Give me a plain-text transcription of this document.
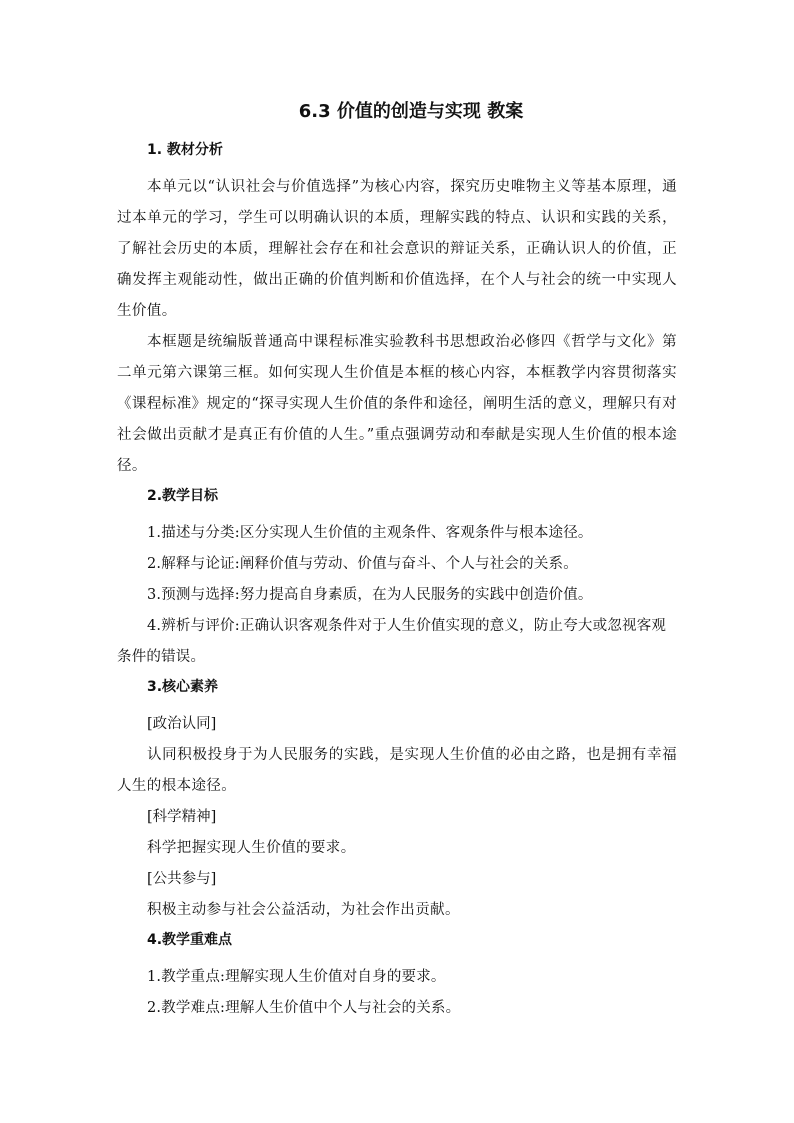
6.3 价值的创造与实现 教案
1. 教材分析

本单元以“认识社会与价值选择”为核心内容，探究历史唯物主义等基本原理，通过本单元的学习，学生可以明确认识的本质，理解实践的特点、认识和实践的关系，了解社会历史的本质，理解社会存在和社会意识的辩证关系，正确认识人的价值，正确发挥主观能动性，做出正确的价值判断和价值选择，在个人与社会的统一中实现人生价值。

本框题是统编版普通高中课程标准实验教科书思想政治必修四《哲学与文化》第二单元第六课第三框。如何实现人生价值是本框的核心内容，本框教学内容贯彻落实《课程标准》规定的“探寻实现人生价值的条件和途径，阐明生活的意义，理解只有对社会做出贡献才是真正有价值的人生。”重点强调劳动和奉献是实现人生价值的根本途径。

2.教学目标

1.描述与分类:区分实现人生价值的主观条件、客观条件与根本途径。

2.解释与论证:阐释价值与劳动、价值与奋斗、个人与社会的关系。

3.预测与选择:努力提高自身素质，在为人民服务的实践中创造价值。

4.辨析与评价:正确认识客观条件对于人生价值实现的意义，防止夸大或忽视客观条件的错误。

3.核心素养

[政治认同]

认同积极投身于为人民服务的实践，是实现人生价值的必由之路，也是拥有幸福人生的根本途径。

[科学精神]

科学把握实现人生价值的要求。

[公共参与]

积极主动参与社会公益活动，为社会作出贡献。

4.教学重难点

1.教学重点:理解实现人生价值对自身的要求。

2.教学难点:理解人生价值中个人与社会的关系。
